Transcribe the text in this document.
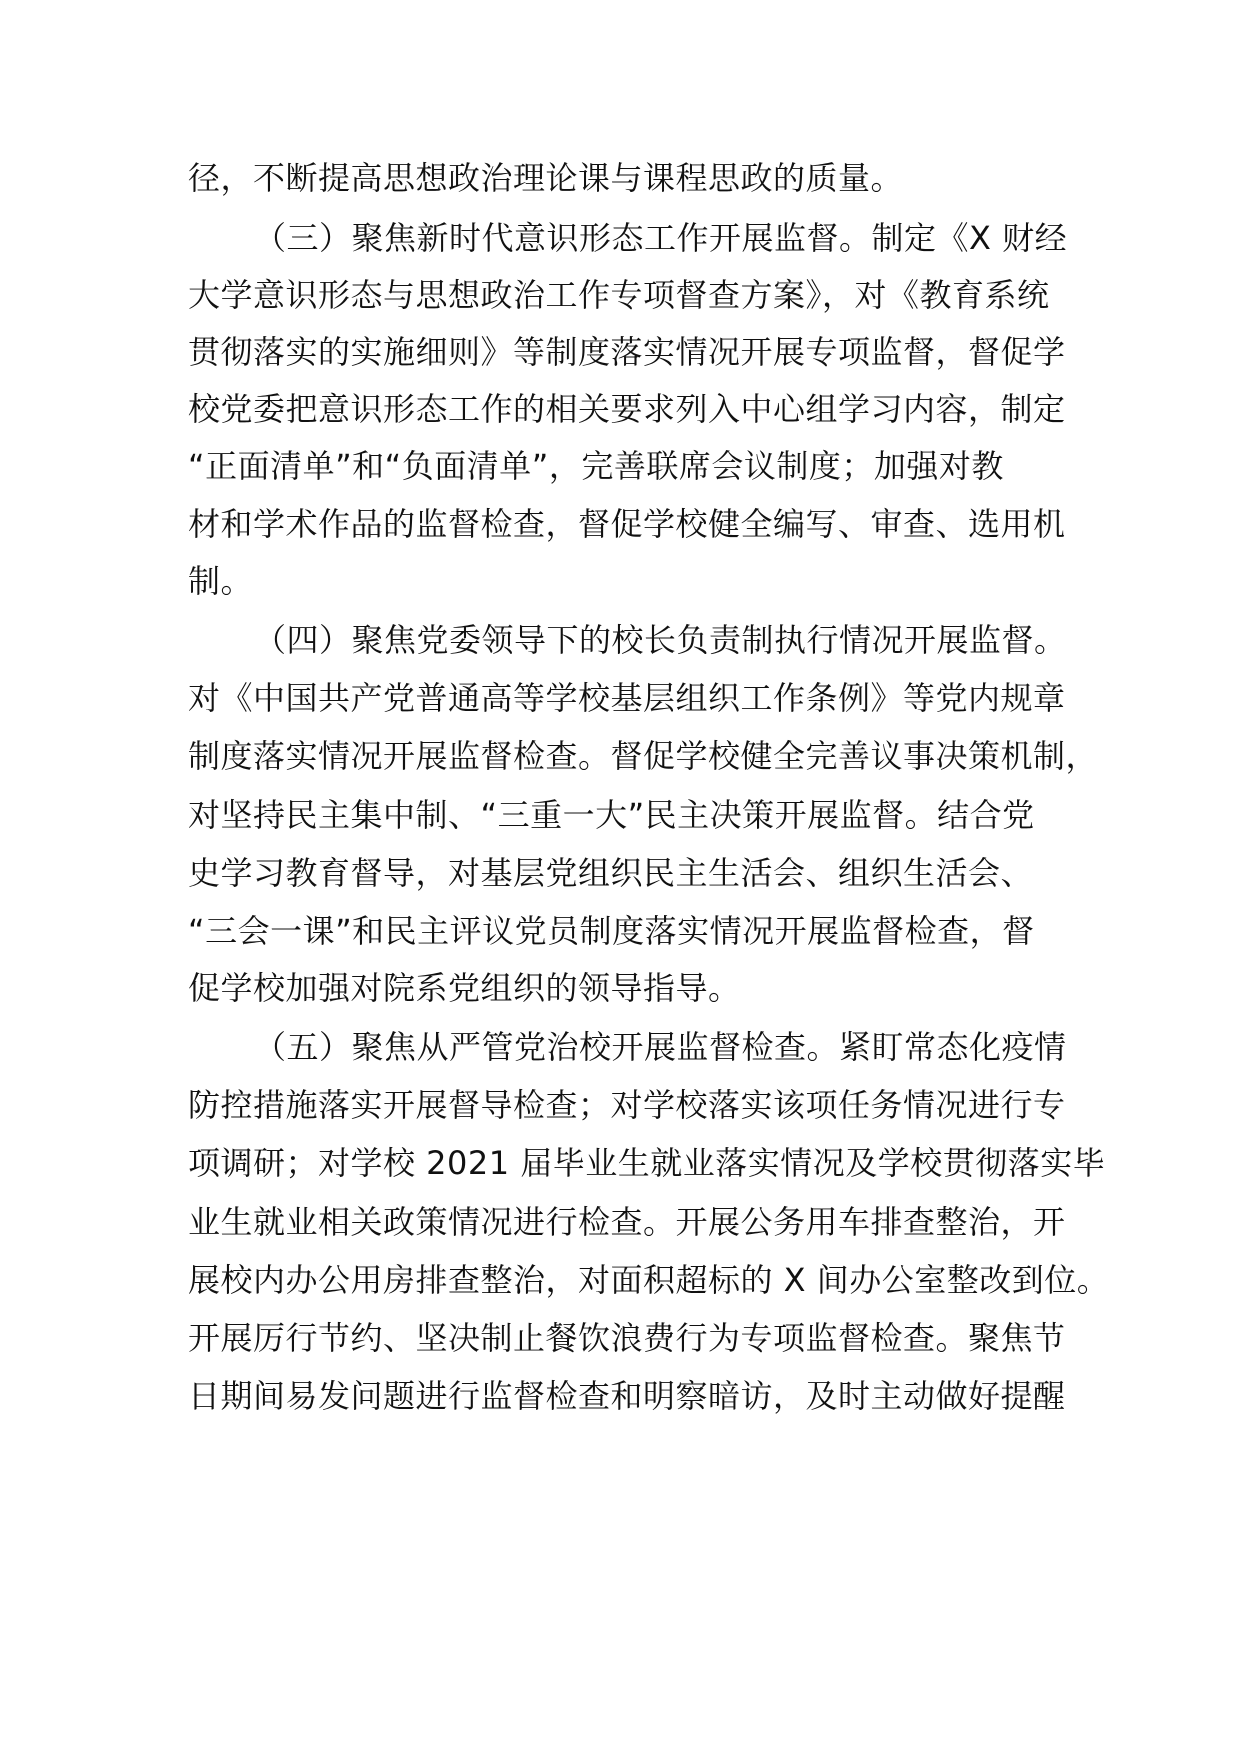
径，不断提高思想政治理论课与课程思政的质量。
（三）聚焦新时代意识形态工作开展监督。制定《X 财经
大学意识形态与思想政治工作专项督查方案》，对《教育系统
贯彻落实的实施细则》等制度落实情况开展专项监督，督促学
校党委把意识形态工作的相关要求列入中心组学习内容，制定
“正面清单”和“负面清单”，完善联席会议制度；加强对教
材和学术作品的监督检查，督促学校健全编写、审查、选用机
制。
（四）聚焦党委领导下的校长负责制执行情况开展监督。
对《中国共产党普通高等学校基层组织工作条例》等党内规章
制度落实情况开展监督检查。督促学校健全完善议事决策机制，
对坚持民主集中制、“三重一大”民主决策开展监督。结合党
史学习教育督导，对基层党组织民主生活会、组织生活会、
“三会一课”和民主评议党员制度落实情况开展监督检查，督
促学校加强对院系党组织的领导指导。
（五）聚焦从严管党治校开展监督检查。紧盯常态化疫情
防控措施落实开展督导检查；对学校落实该项任务情况进行专
项调研；对学校 2021 届毕业生就业落实情况及学校贯彻落实毕
业生就业相关政策情况进行检查。开展公务用车排查整治，开
展校内办公用房排查整治，对面积超标的 X 间办公室整改到位。
开展厉行节约、坚决制止餐饮浪费行为专项监督检查。聚焦节
日期间易发问题进行监督检查和明察暗访，及时主动做好提醒
